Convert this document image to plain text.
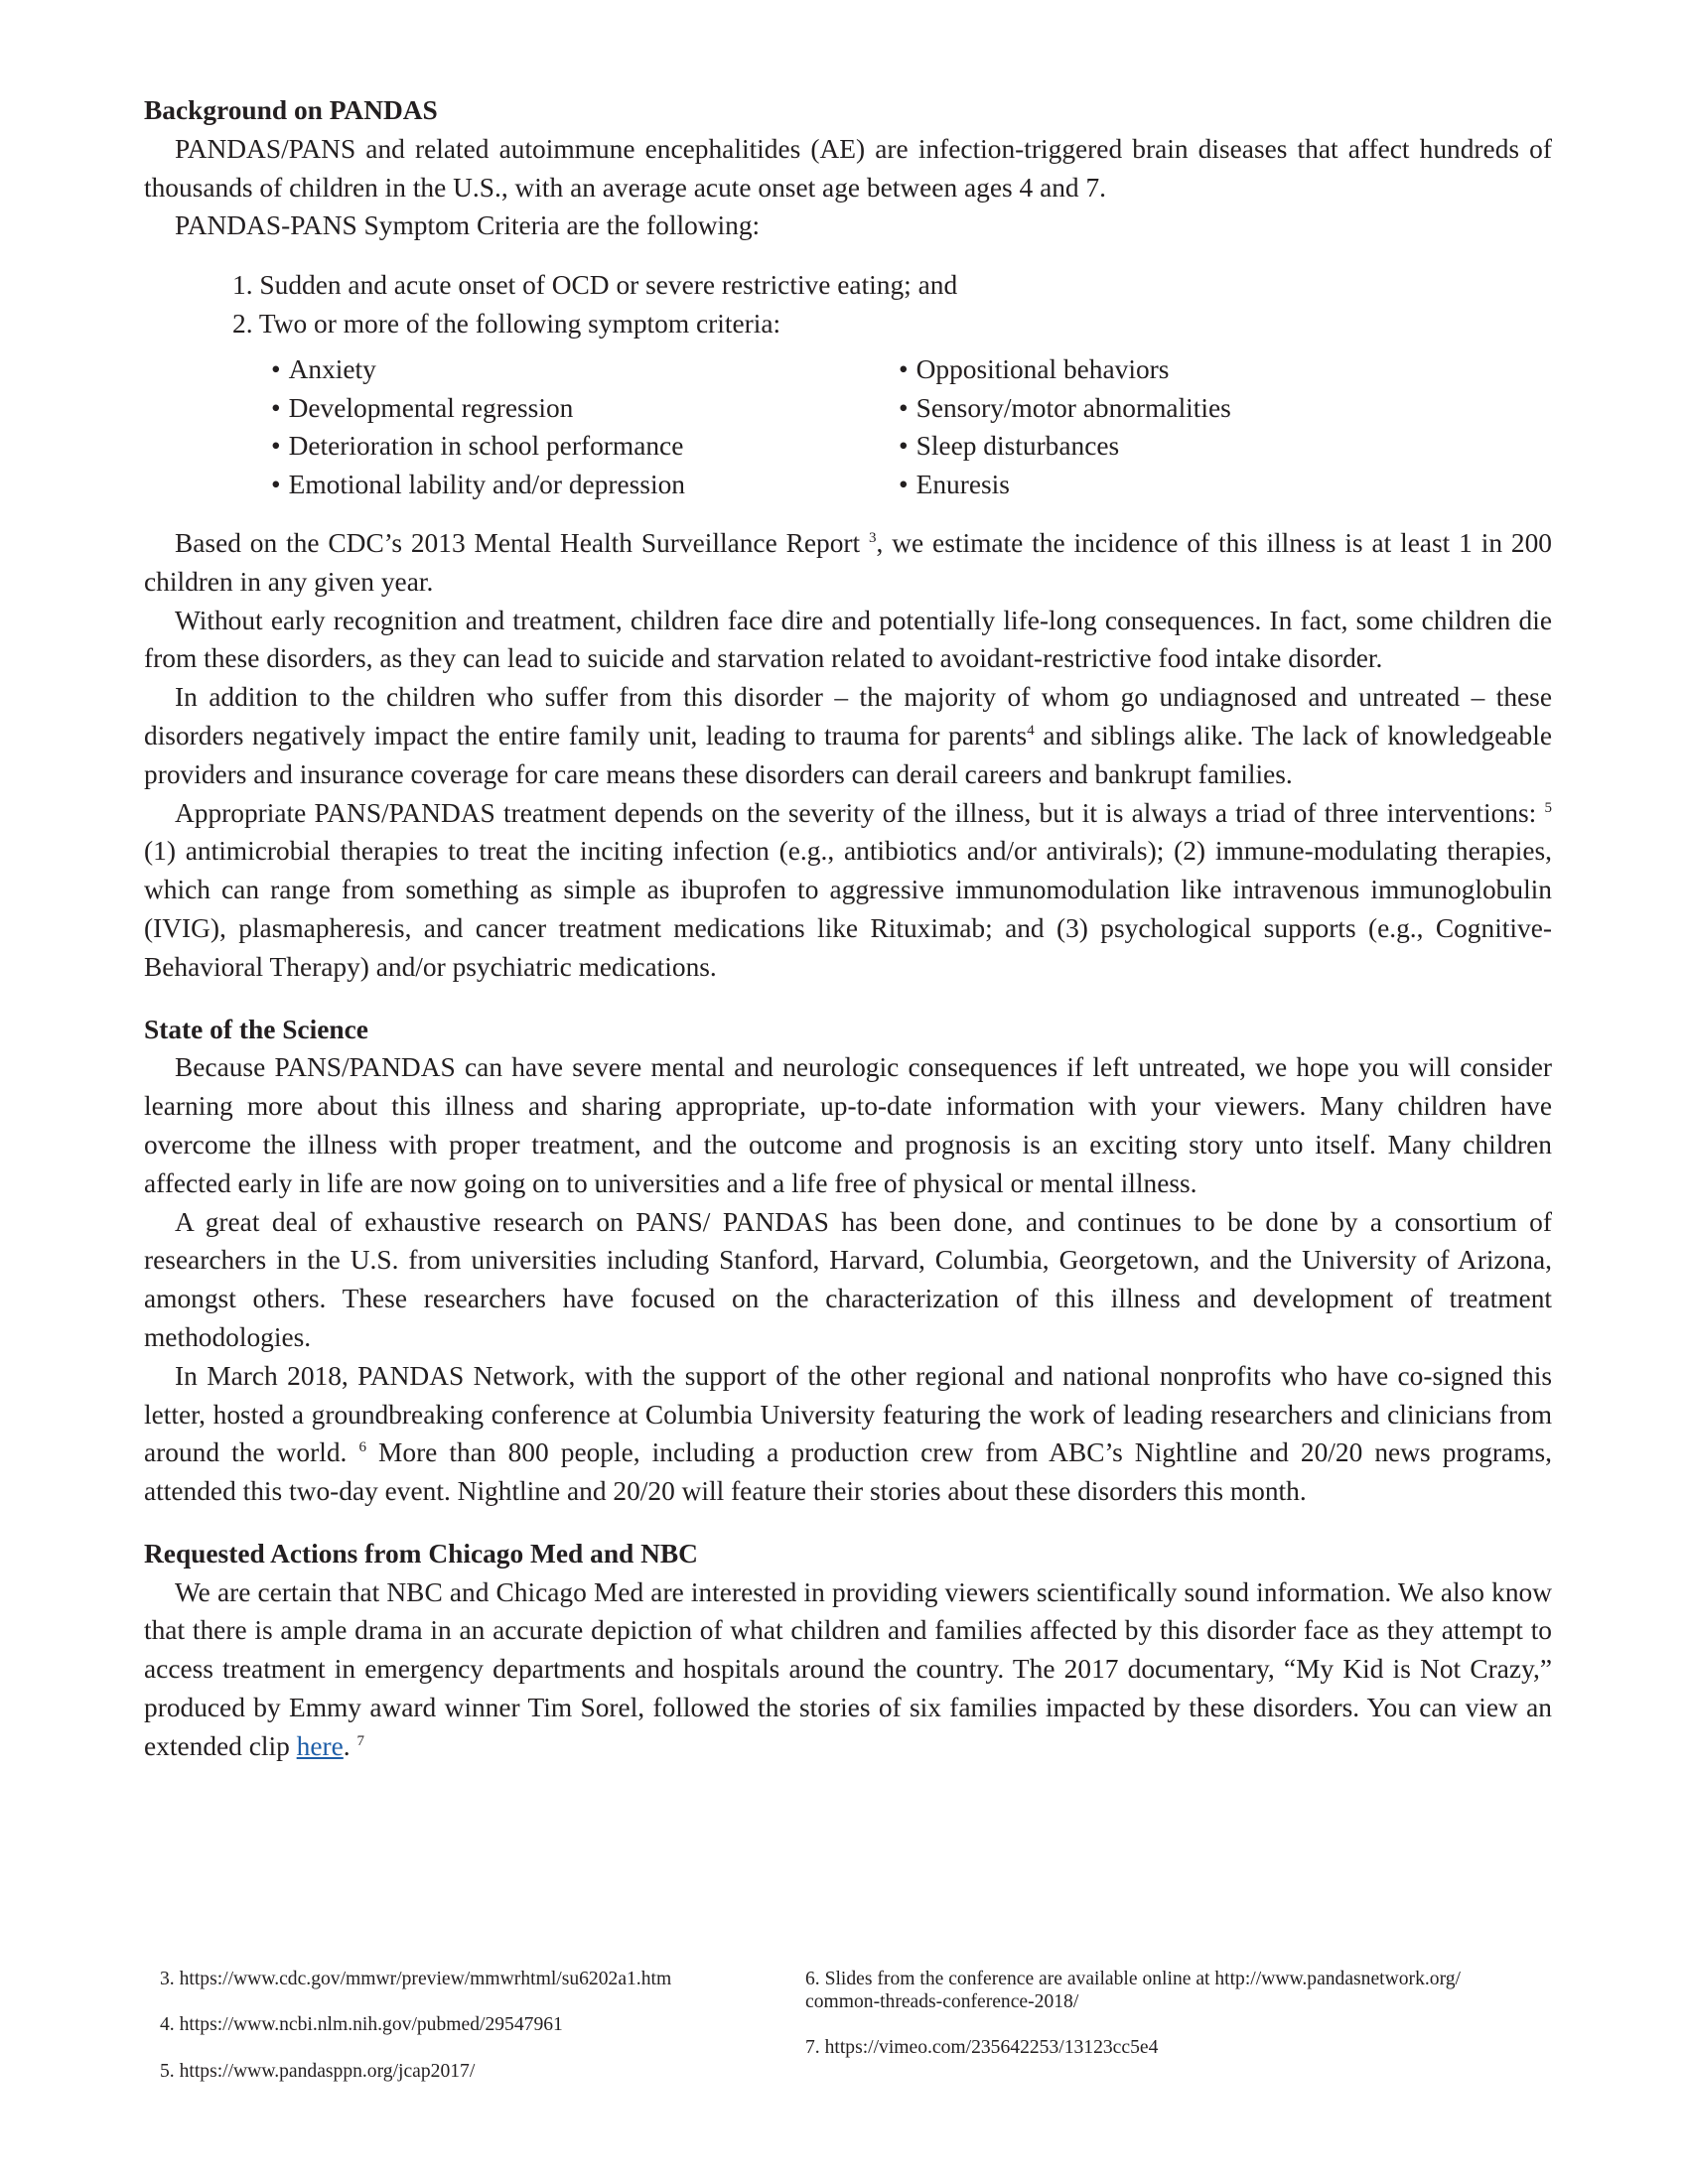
Background on PANDAS

PANDAS/PANS and related autoimmune encephalitides (AE) are infection-triggered brain diseases that affect hundreds of thousands of children in the U.S., with an average acute onset age between ages 4 and 7.

PANDAS-PANS Symptom Criteria are the following:
1. Sudden and acute onset of OCD or severe restrictive eating; and
2. Two or more of the following symptom criteria:
• Anxiety
• Developmental regression
• Deterioration in school performance
• Emotional lability and/or depression
• Oppositional behaviors
• Sensory/motor abnormalities
• Sleep disturbances
• Enuresis

Based on the CDC’s 2013 Mental Health Surveillance Report $^3$, we estimate the incidence of this illness is at least 1 in 200 children in any given year.

Without early recognition and treatment, children face dire and potentially life-long consequences. In fact, some children die from these disorders, as they can lead to suicide and starvation related to avoidant-restrictive food intake disorder.

In addition to the children who suffer from this disorder – the majority of whom go undiagnosed and untreated – these disorders negatively impact the entire family unit, leading to trauma for parents$^4$ and siblings alike. The lack of knowledgeable providers and insurance coverage for care means these disorders can derail careers and bankrupt families.

Appropriate PANS/PANDAS treatment depends on the severity of the illness, but it is always a triad of three interventions: $^5$ (1) antimicrobial therapies to treat the inciting infection (e.g., antibiotics and/or antivirals); (2) immune-modulating therapies, which can range from something as simple as ibuprofen to aggressive immunomodulation like intravenous immunoglobulin (IVIG), plasmapheresis, and cancer treatment medications like Rituximab; and (3) psychological supports (e.g., Cognitive-Behavioral Therapy) and/or psychiatric medications.

State of the Science

Because PANS/PANDAS can have severe mental and neurologic consequences if left untreated, we hope you will consider learning more about this illness and sharing appropriate, up-to-date information with your viewers. Many children have overcome the illness with proper treatment, and the outcome and prognosis is an exciting story unto itself. Many children affected early in life are now going on to universities and a life free of physical or mental illness.

A great deal of exhaustive research on PANS/ PANDAS has been done, and continues to be done by a consortium of researchers in the U.S. from universities including Stanford, Harvard, Columbia, Georgetown, and the University of Arizona, amongst others. These researchers have focused on the characterization of this illness and development of treatment methodologies.

In March 2018, PANDAS Network, with the support of the other regional and national nonprofits who have co-signed this letter, hosted a groundbreaking conference at Columbia University featuring the work of leading researchers and clinicians from around the world. $^6$ More than 800 people, including a production crew from ABC’s Nightline and 20/20 news programs, attended this two-day event. Nightline and 20/20 will feature their stories about these disorders this month.

Requested Actions from Chicago Med and NBC

We are certain that NBC and Chicago Med are interested in providing viewers scientifically sound information. We also know that there is ample drama in an accurate depiction of what children and families affected by this disorder face as they attempt to access treatment in emergency departments and hospitals around the country. The 2017 documentary, “My Kid is Not Crazy,” produced by Emmy award winner Tim Sorel, followed the stories of six families impacted by these disorders. You can view an extended clip here. $^7$

3. https://www.cdc.gov/mmwr/preview/mmwrhtml/su6202a1.htm
4. https://www.ncbi.nlm.nih.gov/pubmed/29547961
5. https://www.pandasppn.org/jcap2017/
6. Slides from the conference are available online at http://www.pandasnetwork.org/
common-threads-conference-2018/
7. https://vimeo.com/235642253/13123cc5e4
